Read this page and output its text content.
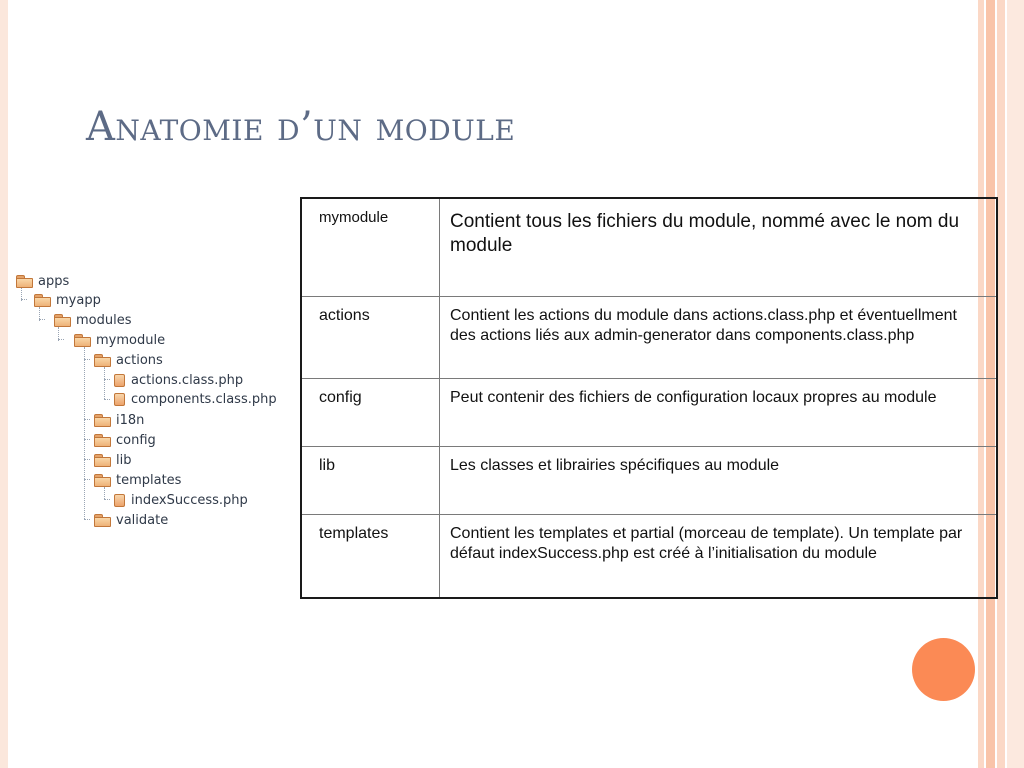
Anatomie d’un module
apps
myapp
modules
mymodule
actions
actions.class.php
components.class.php
i18n
config
lib
templates
indexSuccess.php
validate
mymodule	Contient tous les fichiers du module, nommé avec le nom du module
actions	Contient les actions du module dans actions.class.php et éventuellment des actions liés aux admin-generator dans components.class.php
config	Peut contenir des fichiers de configuration locaux propres au module
lib	Les classes et librairies spécifiques au module
templates	Contient les templates et partial (morceau de template). Un template par défaut indexSuccess.php est créé à l’initialisation du module
